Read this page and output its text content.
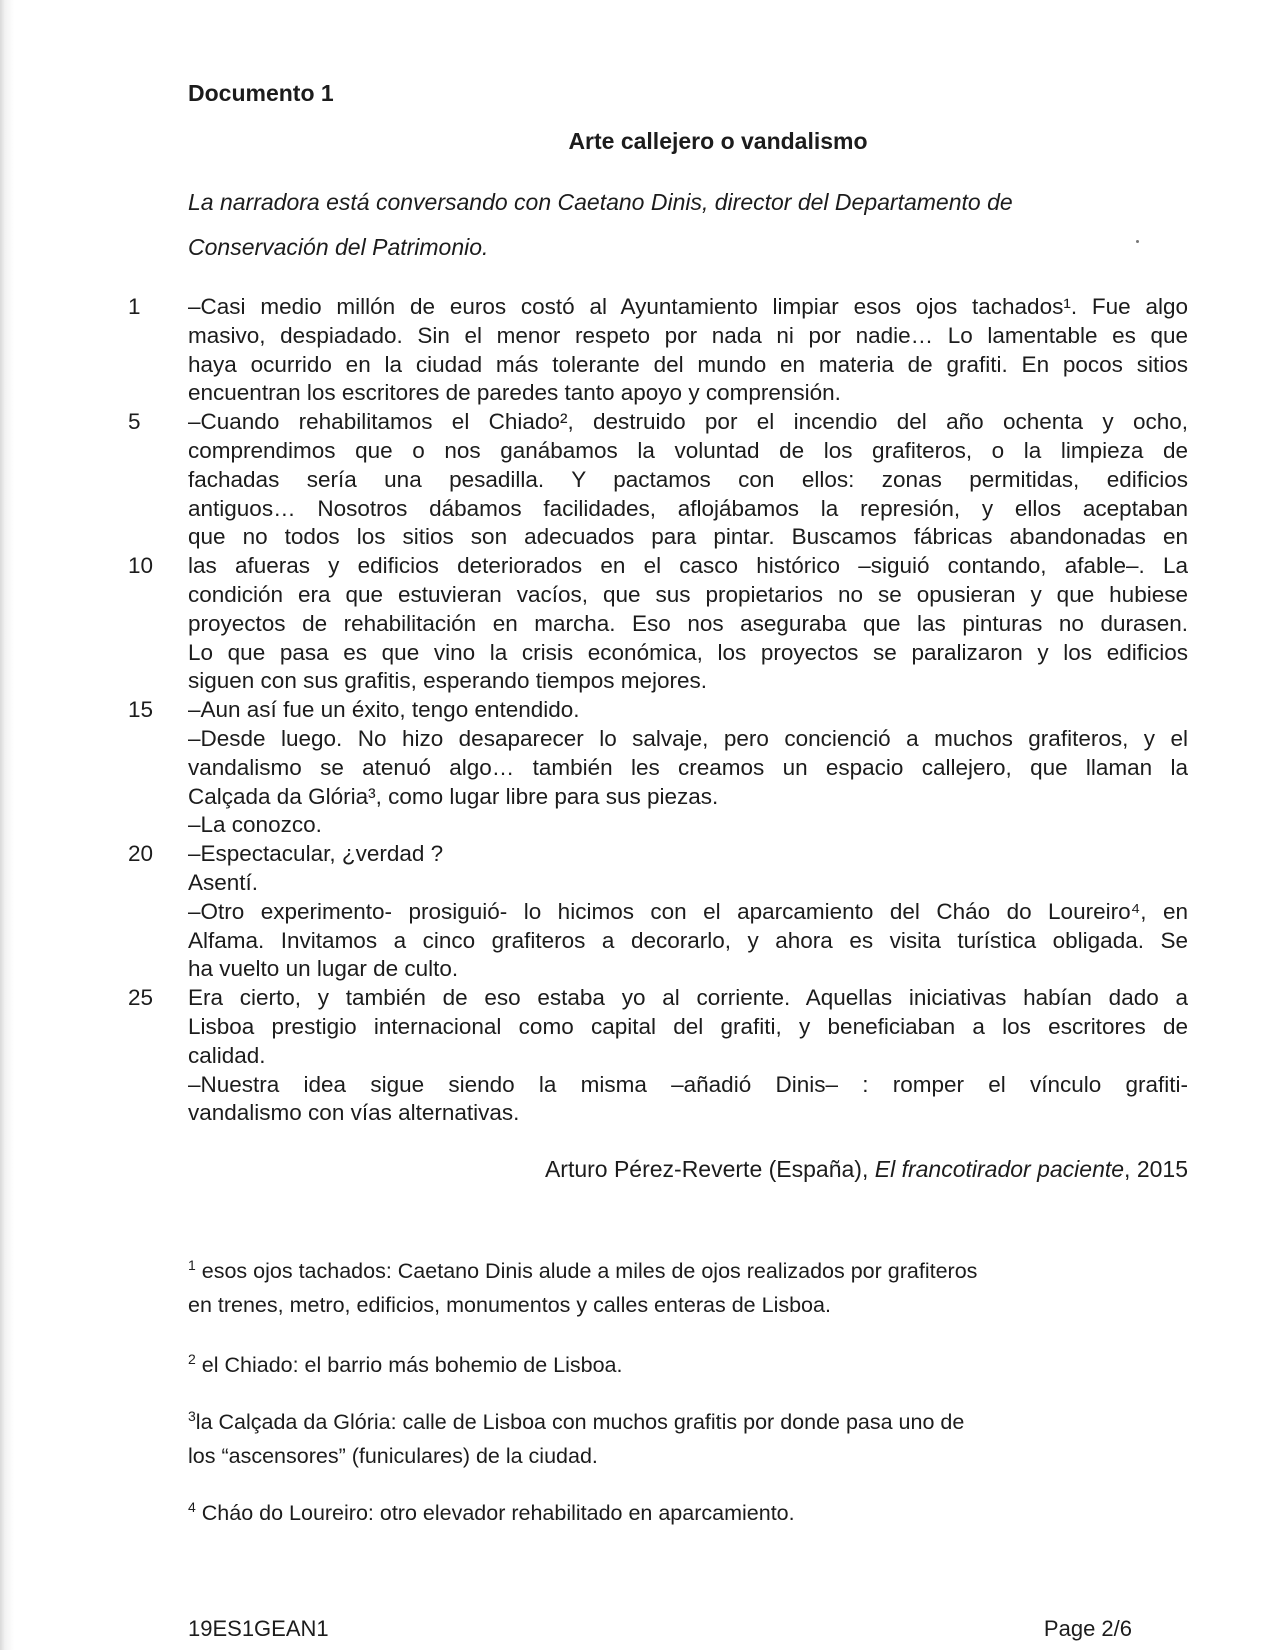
Documento 1
Arte callejero o vandalismo
La narradora está conversando con Caetano Dinis, director del Departamento de
Conservación del Patrimonio.
1	–Casi medio millón de euros costó al Ayuntamiento limpiar esos ojos tachados¹. Fue algo
masivo, despiadado. Sin el menor respeto por nada ni por nadie… Lo lamentable es que
haya ocurrido en la ciudad más tolerante del mundo en materia de grafiti. En pocos sitios
encuentran los escritores de paredes tanto apoyo y comprensión.
5	–Cuando rehabilitamos el Chiado², destruido por el incendio del año ochenta y ocho,
comprendimos que o nos ganábamos la voluntad de los grafiteros, o la limpieza de
fachadas sería una pesadilla. Y pactamos con ellos: zonas permitidas, edificios
antiguos… Nosotros dábamos facilidades, aflojábamos la represión, y ellos aceptaban
que no todos los sitios son adecuados para pintar. Buscamos fábricas abandonadas en
10	las afueras y edificios deteriorados en el casco histórico –siguió contando, afable–. La
condición era que estuvieran vacíos, que sus propietarios no se opusieran y que hubiese
proyectos de rehabilitación en marcha. Eso nos aseguraba que las pinturas no durasen.
Lo que pasa es que vino la crisis económica, los proyectos se paralizaron y los edificios
siguen con sus grafitis, esperando tiempos mejores.
15	–Aun así fue un éxito, tengo entendido.
–Desde luego. No hizo desaparecer lo salvaje, pero concienció a muchos grafiteros, y el
vandalismo se atenuó algo… también les creamos un espacio callejero, que llaman la
Calçada da Glória³, como lugar libre para sus piezas.
–La conozco.
20	–Espectacular, ¿verdad ?
Asentí.
–Otro experimento- prosiguió- lo hicimos con el aparcamiento del Cháo do Loureiro⁴, en
Alfama. Invitamos a cinco grafiteros a decorarlo, y ahora es visita turística obligada. Se
ha vuelto un lugar de culto.
25	Era cierto, y también de eso estaba yo al corriente. Aquellas iniciativas habían dado a
Lisboa prestigio internacional como capital del grafiti, y beneficiaban a los escritores de
calidad.
–Nuestra idea sigue siendo la misma –añadió Dinis– : romper el vínculo grafiti-
vandalismo con vías alternativas.
Arturo Pérez-Reverte (España), El francotirador paciente, 2015
$^1$ esos ojos tachados: Caetano Dinis alude a miles de ojos realizados por grafiteros
en trenes, metro, edificios, monumentos y calles enteras de Lisboa.
$^2$ el Chiado: el barrio más bohemio de Lisboa.
$^3$la Calçada da Glória: calle de Lisboa con muchos grafitis por donde pasa uno de
los “ascensores” (funiculares) de la ciudad.
$^4$ Cháo do Loureiro: otro elevador rehabilitado en aparcamiento.
19ES1GEAN1	Page 2/6
